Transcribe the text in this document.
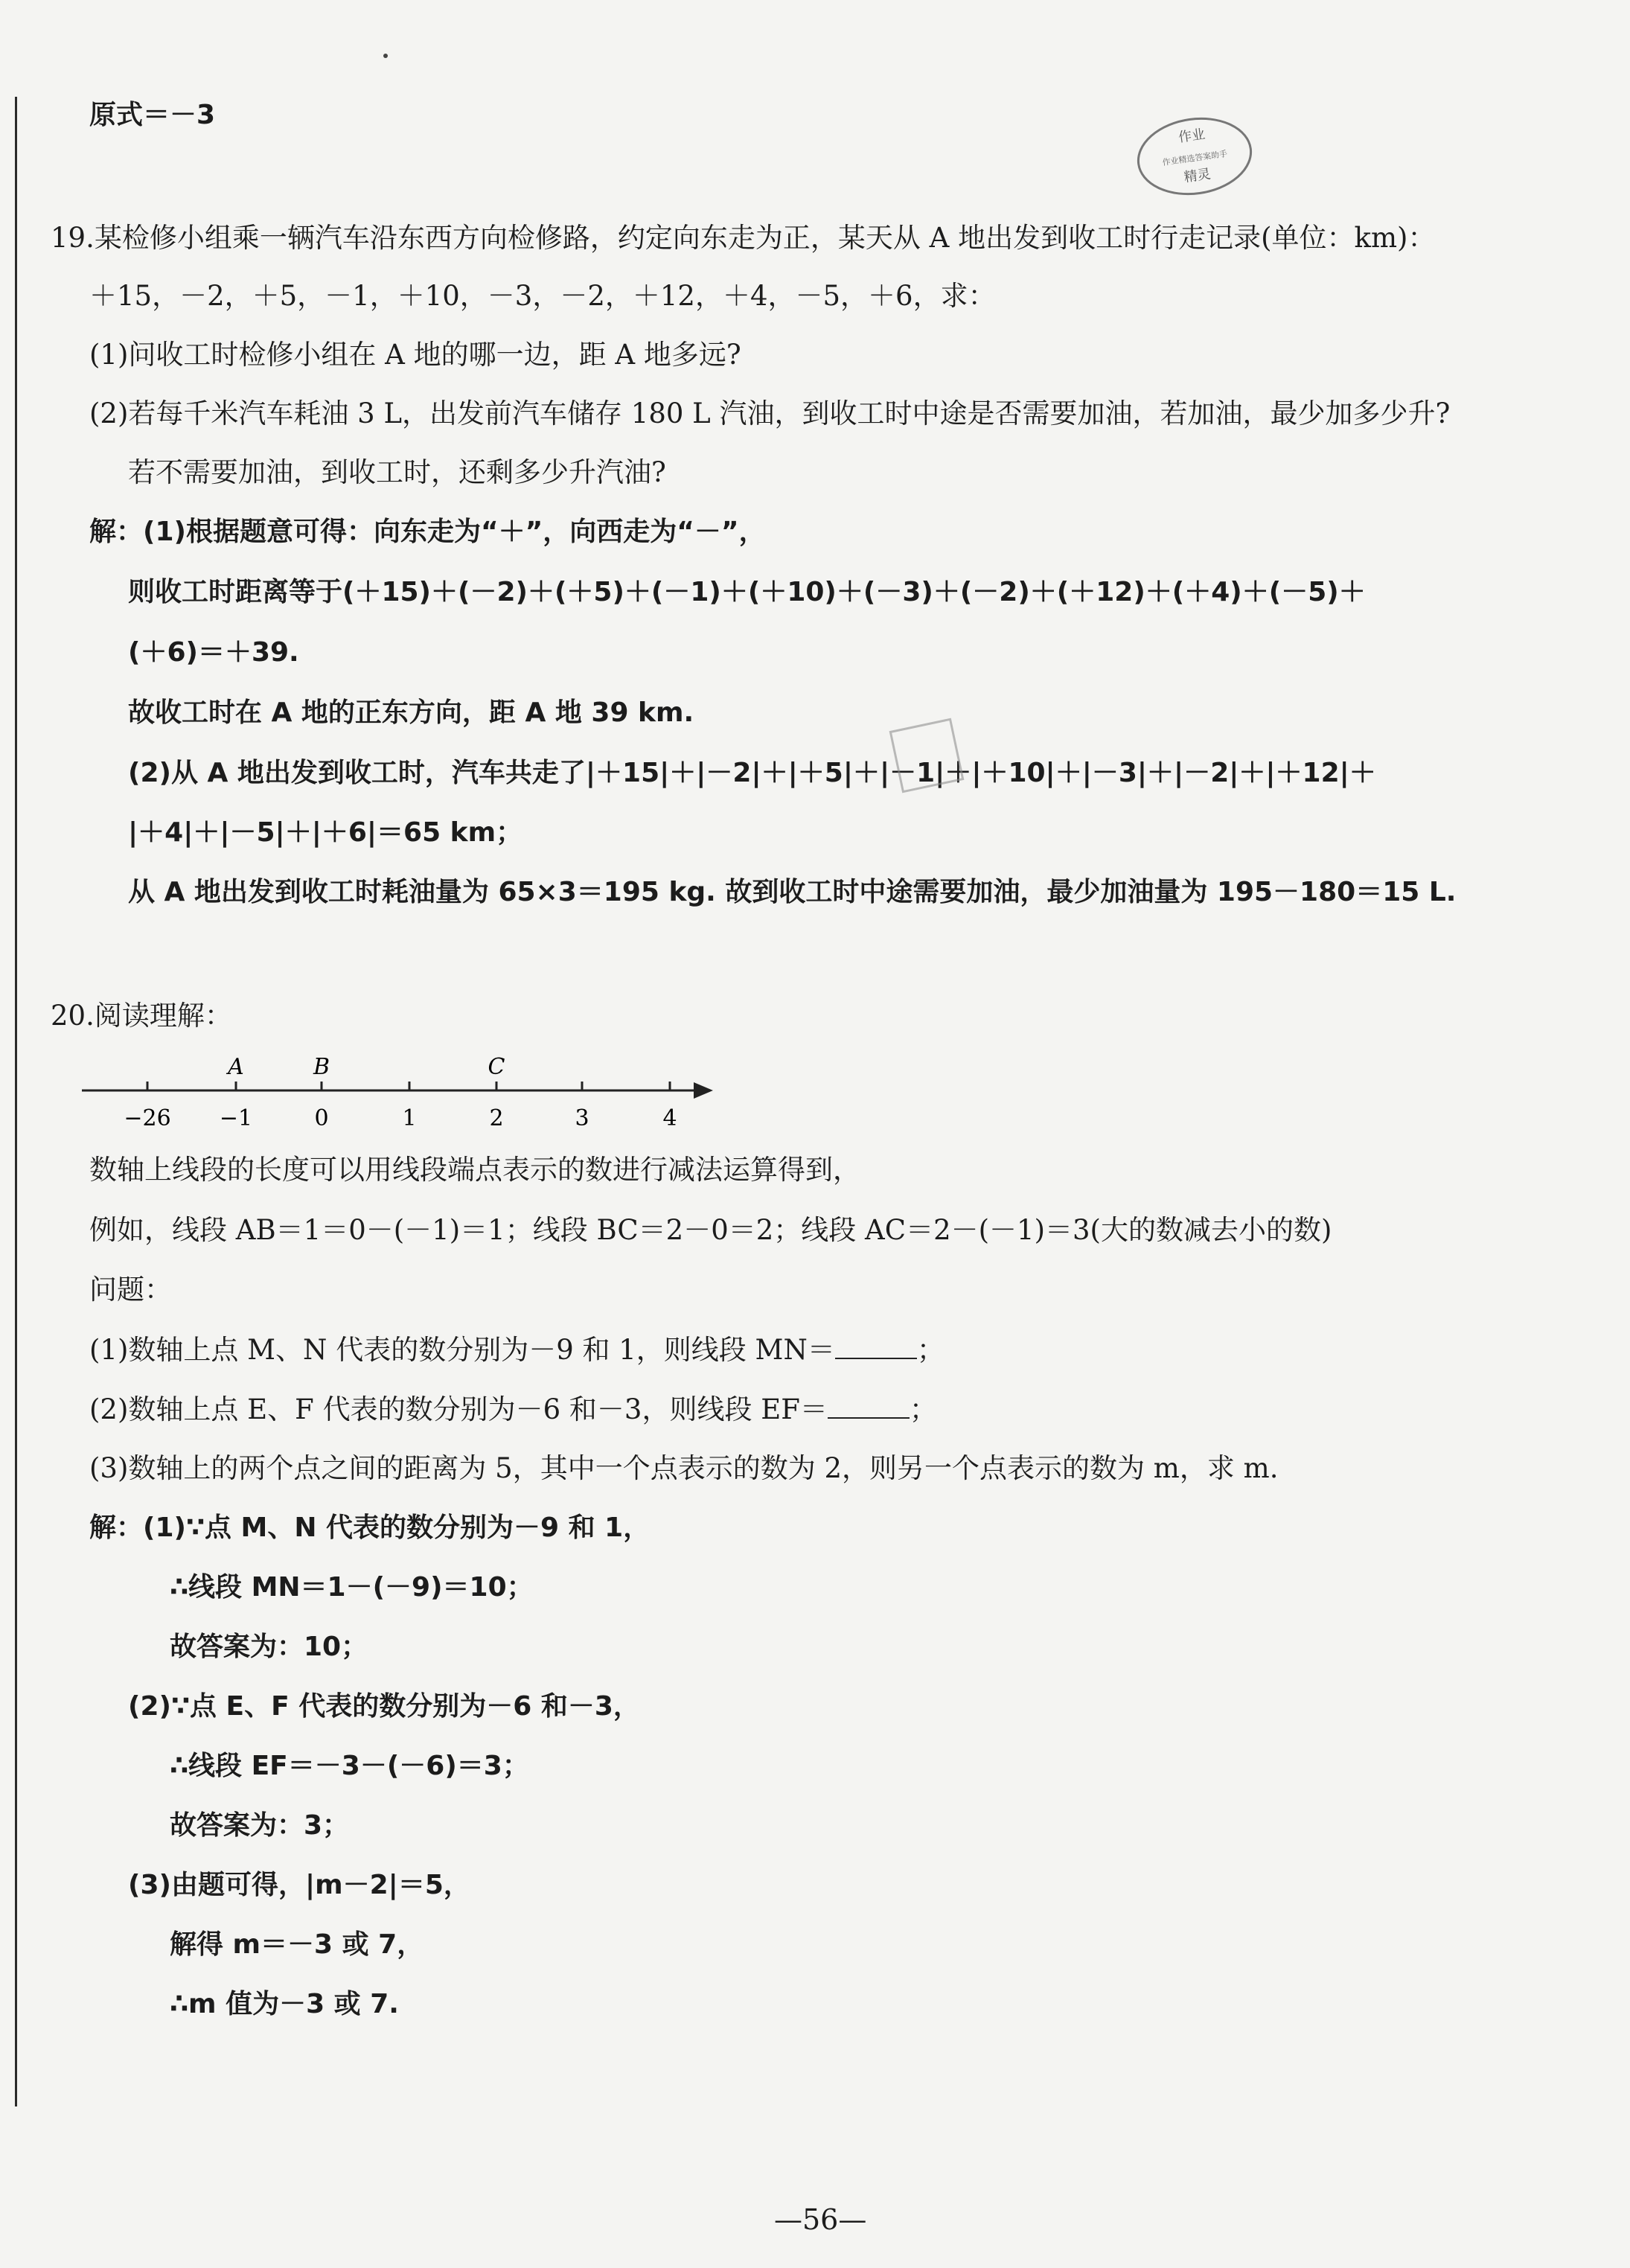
原式＝－3
作业
作业精选答案助手
精灵
19.某检修小组乘一辆汽车沿东西方向检修路，约定向东走为正，某天从 A 地出发到收工时行走记录(单位：km)：
＋15，－2，＋5，－1，＋10，－3，－2，＋12，＋4，－5，＋6，求：
(1)问收工时检修小组在 A 地的哪一边，距 A 地多远?
(2)若每千米汽车耗油 3 L，出发前汽车储存 180 L 汽油，到收工时中途是否需要加油，若加油，最少加多少升?
若不需要加油，到收工时，还剩多少升汽油?
解：(1)根据题意可得：向东走为“＋”，向西走为“－”，
则收工时距离等于(＋15)＋(－2)＋(＋5)＋(－1)＋(＋10)＋(－3)＋(－2)＋(＋12)＋(＋4)＋(－5)＋
(＋6)＝＋39.
故收工时在 A 地的正东方向，距 A 地 39 km.
(2)从 A 地出发到收工时，汽车共走了|＋15|＋|－2|＋|＋5|＋|－1|＋|＋10|＋|－3|＋|－2|＋|＋12|＋
|＋4|＋|－5|＋|＋6|＝65 km；
从 A 地出发到收工时耗油量为 65×3＝195 kg. 故到收工时中途需要加油，最少加油量为 195－180＝15 L.
20.阅读理解：
−26 −1	0	1	2	3	4
A	B	C
数轴上线段的长度可以用线段端点表示的数进行减法运算得到，
例如，线段 AB＝1＝0－(－1)＝1；线段 BC＝2－0＝2；线段 AC＝2－(－1)＝3(大的数减去小的数)
问题：
(1)数轴上点 M、N 代表的数分别为－9 和 1，则线段 MN＝	；
(2)数轴上点 E、F 代表的数分别为－6 和－3，则线段 EF＝	；
(3)数轴上的两个点之间的距离为 5，其中一个点表示的数为 2，则另一个点表示的数为 m，求 m.
解：(1)∵点 M、N 代表的数分别为－9 和 1，
∴线段 MN＝1－(－9)＝10；
故答案为：10；
(2)∵点 E、F 代表的数分别为－6 和－3，
∴线段 EF＝－3－(－6)＝3；
故答案为：3；
(3)由题可得，|m－2|＝5，
解得 m＝－3 或 7，
∴m 值为－3 或 7.
—56—
